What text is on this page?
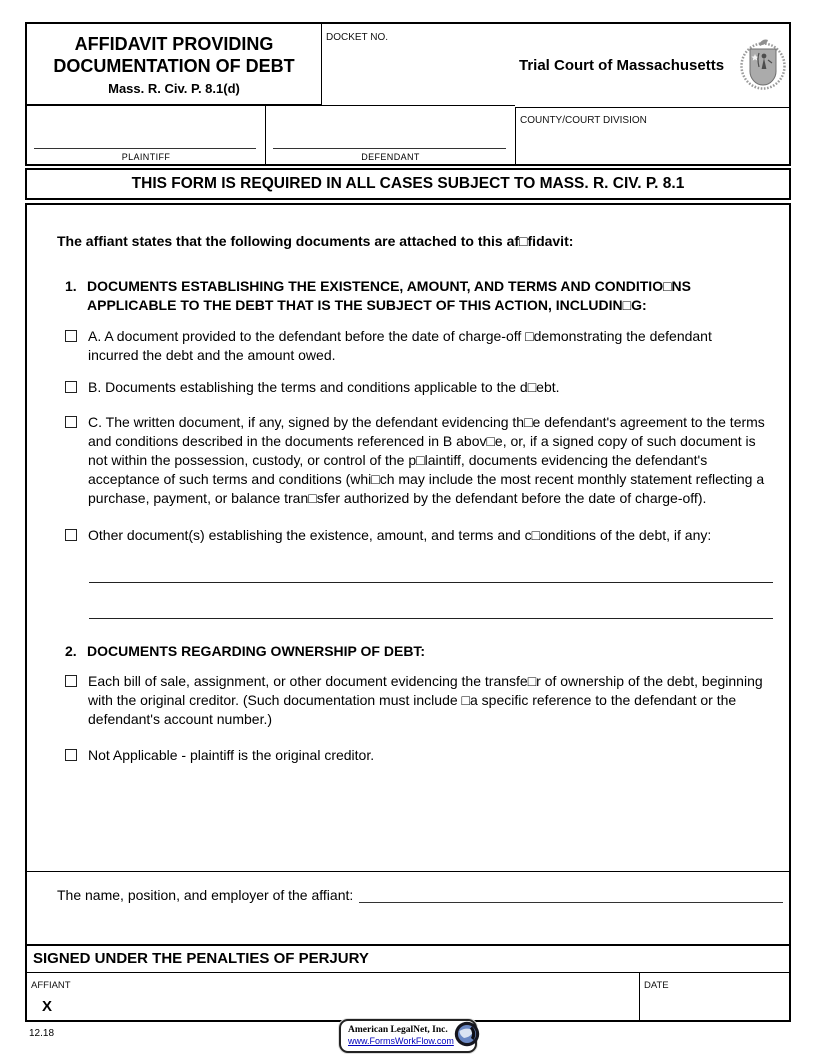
AFFIDAVIT PROVIDING
DOCUMENTATION OF DEBT
Mass. R. Civ. P. 8.1(d)
DOCKET NO.
Trial Court of Massachusetts
PLAINTIFF	DEFENDANT
COUNTY/COURT DIVISION
THIS FORM IS REQUIRED IN ALL CASES SUBJECT TO MASS. R. CIV. P. 8.1
The affiant states that the following documents are attached to this af□fidavit:
1. DOCUMENTS ESTABLISHING THE EXISTENCE, AMOUNT, AND TERMS AND CONDITIO□NS APPLICABLE TO THE DEBT THAT IS THE SUBJECT OF THIS ACTION, INCLUDIN□G:
A. A document provided to the defendant before the date of charge-off □demonstrating the defendant incurred the debt and the amount owed.
B. Documents establishing the terms and conditions applicable to the d□ebt.
C. The written document, if any, signed by the defendant evidencing th□e defendant's agreement to the terms and conditions described in the documents referenced in B abov□e, or, if a signed copy of such document is not within the possession, custody, or control of the p□laintiff, documents evidencing the defendant's acceptance of such terms and conditions (whi□ch may include the most recent monthly statement reflecting a purchase, payment, or balance tran□sfer authorized by the defendant before the date of charge-off).
Other document(s) establishing the existence, amount, and terms and c□onditions of the debt, if any:
2. DOCUMENTS REGARDING OWNERSHIP OF DEBT:
Each bill of sale, assignment, or other document evidencing the transfe□r of ownership of the debt, beginning with the original creditor. (Such documentation must include □a specific reference to the defendant or the defendant's account number.)
Not Applicable - plaintiff is the original creditor.
The name, position, and employer of the affiant:
SIGNED UNDER THE PENALTIES OF PERJURY
AFFIANT
X
DATE
12.18	American LegalNet, Inc.
www.FormsWorkFlow.com
